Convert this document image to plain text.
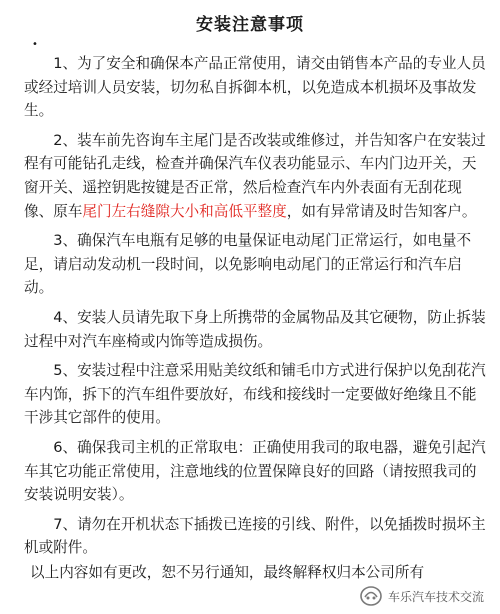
安装注意事项
•

1、为了安全和确保本产品正常使用，请交由销售本产品的专业人员或经过培训人员安装，切勿私自拆御本机，以免造成本机损坏及事故发生。

2、装车前先咨询车主尾门是否改装或维修过，并告知客户在安装过程有可能钻孔走线，检查并确保汽车仪表功能显示、车内门边开关，天窗开关、遥控钥匙按键是否正常，然后检查汽车内外表面有无刮花现像、原车尾门左右缝隙大小和高低平整度，如有异常请及时告知客户。

3、确保汽车电瓶有足够的电量保证电动尾门正常运行，如电量不足，请启动发动机一段时间，以免影响电动尾门的正常运行和汽车启动。

4、安装人员请先取下身上所携带的金属物品及其它硬物，防止拆装过程中对汽车座椅或内饰等造成损伤。

5、安装过程中注意采用贴美纹纸和铺毛巾方式进行保护以免刮花汽车内饰，拆下的汽车组件要放好，布线和接线时一定要做好绝缘且不能干涉其它部件的使用。

6、确保我司主机的正常取电：正确使用我司的取电器，避免引起汽车其它功能正常使用，注意地线的位置保障良好的回路（请按照我司的安装说明安装）。

7、请勿在开机状态下插拨已连接的引线、附件，以免插拨时损坏主机或附件。

以上内容如有更改，恕不另行通知，最终解释权归本公司所有
车乐汽车技术交流
